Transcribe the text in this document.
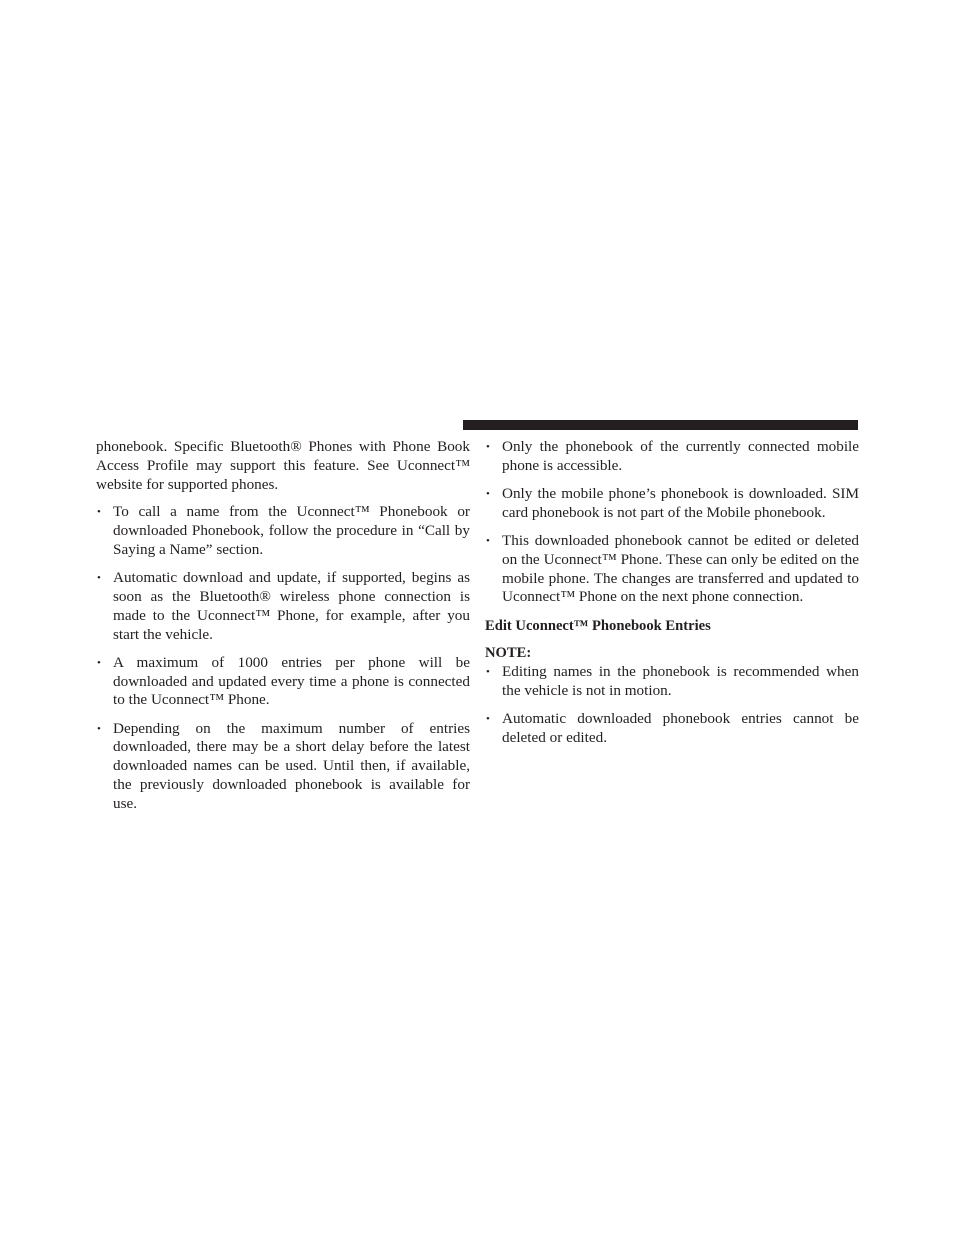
phonebook. Specific Bluetooth® Phones with Phone Book Access Profile may support this feature. See Uconnect™ website for supported phones.

• To call a name from the Uconnect™ Phonebook or downloaded Phonebook, follow the procedure in “Call by Saying a Name” section.
• Automatic download and update, if supported, begins as soon as the Bluetooth® wireless phone connection is made to the Uconnect™ Phone, for example, after you start the vehicle.
• A maximum of 1000 entries per phone will be downloaded and updated every time a phone is connected to the Uconnect™ Phone.
• Depending on the maximum number of entries downloaded, there may be a short delay before the latest downloaded names can be used. Until then, if available, the previously downloaded phonebook is available for use.
• Only the phonebook of the currently connected mobile phone is accessible.
• Only the mobile phone’s phonebook is downloaded. SIM card phonebook is not part of the Mobile phonebook.
• This downloaded phonebook cannot be edited or deleted on the Uconnect™ Phone. These can only be edited on the mobile phone. The changes are transferred and updated to Uconnect™ Phone on the next phone connection.
Edit Uconnect™ Phonebook Entries
NOTE:
• Editing names in the phonebook is recommended when the vehicle is not in motion.
• Automatic downloaded phonebook entries cannot be deleted or edited.
